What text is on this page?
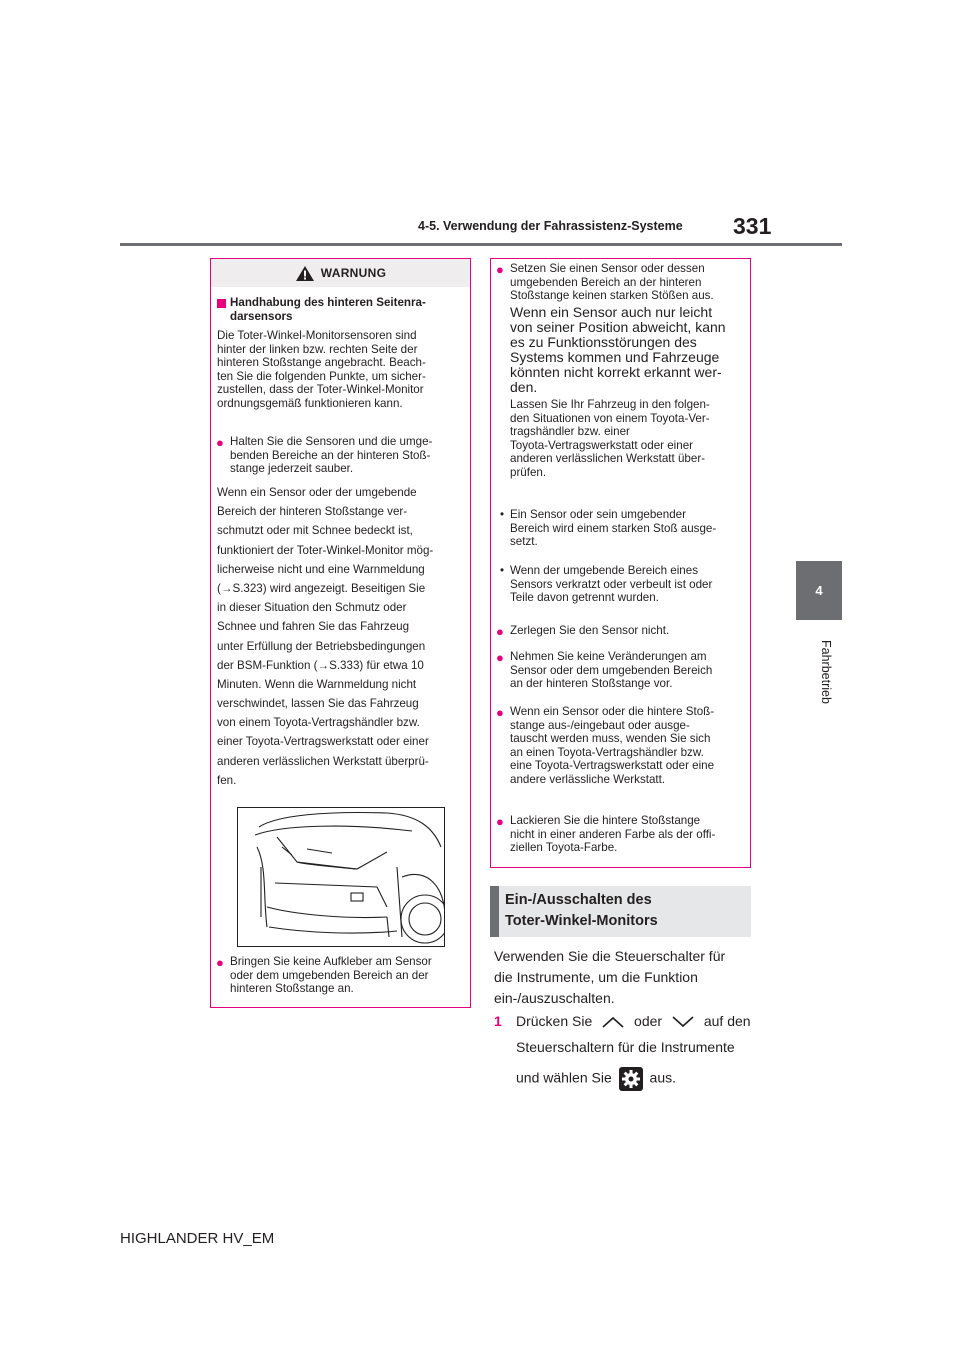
4-5. Verwendung der Fahrassistenz-Systeme 331
4
Fahrbetrieb
WARNUNG
Handhabung des hinteren Seitenra-
darsensors
Die Toter-Winkel-Monitorsensoren sind
hinter der linken bzw. rechten Seite der
hinteren Stoßstange angebracht. Beach-
ten Sie die folgenden Punkte, um sicher-
zustellen, dass der Toter-Winkel-Monitor
ordnungsgemäß funktionieren kann.
● Halten Sie die Sensoren und die umge-
benden Bereiche an der hinteren Stoß-
stange jederzeit sauber.
Wenn ein Sensor oder der umgebende
Bereich der hinteren Stoßstange ver-
schmutzt oder mit Schnee bedeckt ist,
funktioniert der Toter-Winkel-Monitor mög-
licherweise nicht und eine Warnmeldung
(→S.323) wird angezeigt. Beseitigen Sie
in dieser Situation den Schmutz oder
Schnee und fahren Sie das Fahrzeug
unter Erfüllung der Betriebsbedingungen
der BSM-Funktion (→S.333) für etwa 10
Minuten. Wenn die Warnmeldung nicht
verschwindet, lassen Sie das Fahrzeug
von einem Toyota-Vertragshändler bzw.
einer Toyota-Vertragswerkstatt oder einer
anderen verlässlichen Werkstatt überprü-
fen.
● Bringen Sie keine Aufkleber am Sensor
oder dem umgebenden Bereich an der
hinteren Stoßstange an.
● Setzen Sie einen Sensor oder dessen
umgebenden Bereich an der hinteren
Stoßstange keinen starken Stößen aus.
Wenn ein Sensor auch nur leicht
von seiner Position abweicht, kann
es zu Funktionsstörungen des
Systems kommen und Fahrzeuge
könnten nicht korrekt erkannt wer-
den.
Lassen Sie Ihr Fahrzeug in den folgen-
den Situationen von einem Toyota-Ver-
tragshändler bzw. einer
Toyota-Vertragswerkstatt oder einer
anderen verlässlichen Werkstatt über-
prüfen.
• Ein Sensor oder sein umgebender
Bereich wird einem starken Stoß ausge-
setzt.
• Wenn der umgebende Bereich eines
Sensors verkratzt oder verbeult ist oder
Teile davon getrennt wurden.
● Zerlegen Sie den Sensor nicht.
● Nehmen Sie keine Veränderungen am
Sensor oder dem umgebenden Bereich
an der hinteren Stoßstange vor.
● Wenn ein Sensor oder die hintere Stoß-
stange aus-/eingebaut oder ausge-
tauscht werden muss, wenden Sie sich
an einen Toyota-Vertragshändler bzw.
eine Toyota-Vertragswerkstatt oder eine
andere verlässliche Werkstatt.
● Lackieren Sie die hintere Stoßstange
nicht in einer anderen Farbe als der offi-
ziellen Toyota-Farbe.
Ein-/Ausschalten des
Toter-Winkel-Monitors
Verwenden Sie die Steuerschalter für
die Instrumente, um die Funktion
ein-/auszuschalten.
1 Drücken Sie	oder	auf den
Steuerschaltern für die Instrumente
und wählen Sie	aus.
HIGHLANDER HV_EM
